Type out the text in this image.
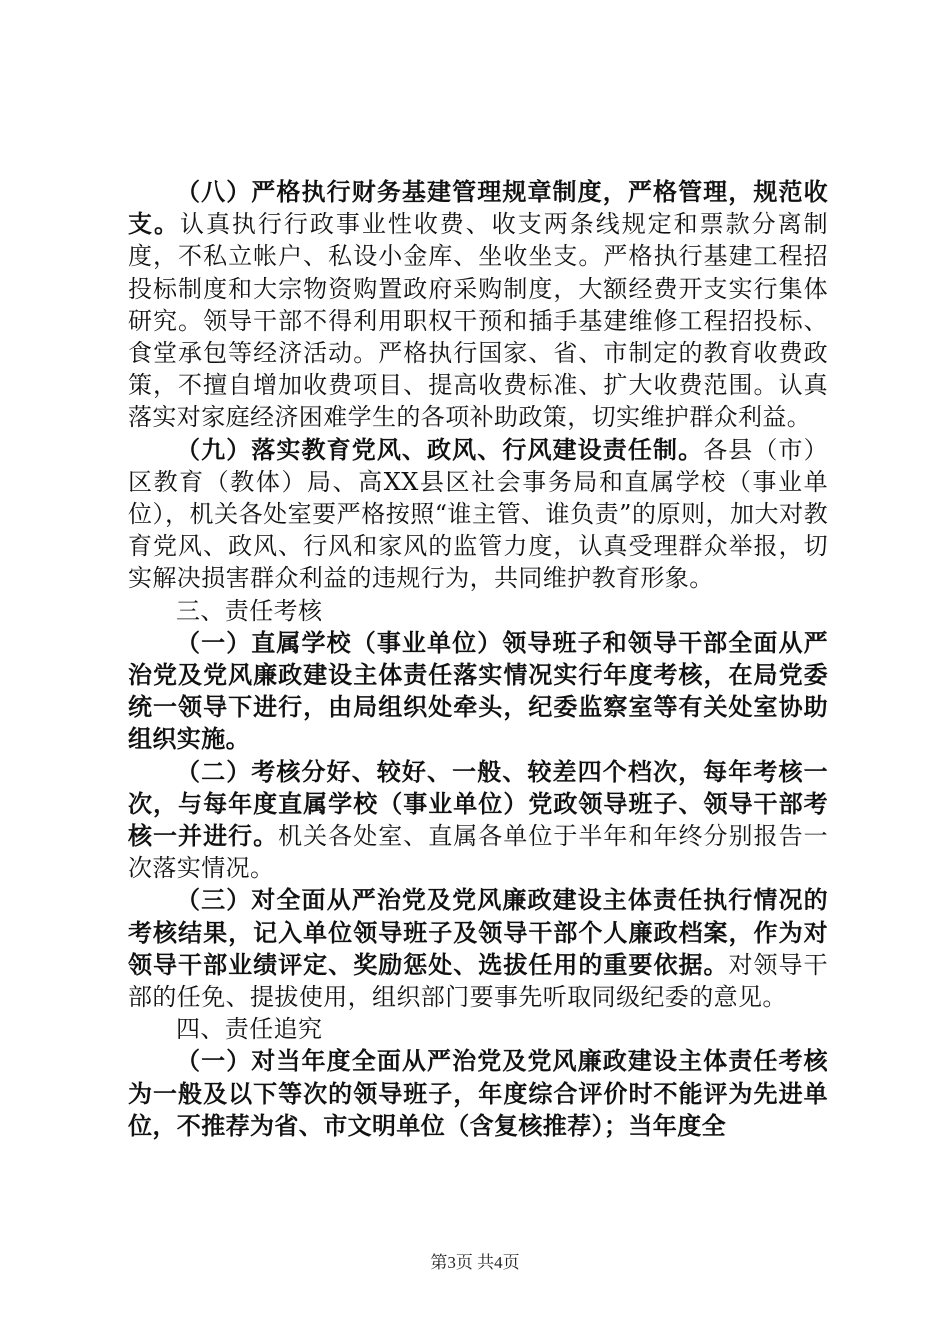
（八）严格执行财务基建管理规章制度，严格管理，规范收支。认真执行行政事业性收费、收支两条线规定和票款分离制度，不私立帐户、私设小金库、坐收坐支。严格执行基建工程招投标制度和大宗物资购置政府采购制度，大额经费开支实行集体研究。领导干部不得利用职权干预和插手基建维修工程招投标、食堂承包等经济活动。严格执行国家、省、市制定的教育收费政策，不擅自增加收费项目、提高收费标准、扩大收费范围。认真落实对家庭经济困难学生的各项补助政策，切实维护群众利益。

（九）落实教育党风、政风、行风建设责任制。各县（市）区教育（教体）局、高XX县区社会事务局和直属学校（事业单位），机关各处室要严格按照“谁主管、谁负责”的原则，加大对教育党风、政风、行风和家风的监管力度，认真受理群众举报，切实解决损害群众利益的违规行为，共同维护教育形象。

三、责任考核

（一）直属学校（事业单位）领导班子和领导干部全面从严治党及党风廉政建设主体责任落实情况实行年度考核，在局党委统一领导下进行，由局组织处牵头，纪委监察室等有关处室协助组织实施。

（二）考核分好、较好、一般、较差四个档次，每年考核一次，与每年度直属学校（事业单位）党政领导班子、领导干部考核一并进行。机关各处室、直属各单位于半年和年终分别报告一次落实情况。

（三）对全面从严治党及党风廉政建设主体责任执行情况的考核结果，记入单位领导班子及领导干部个人廉政档案，作为对领导干部业绩评定、奖励惩处、选拔任用的重要依据。对领导干部的任免、提拔使用，组织部门要事先听取同级纪委的意见。

四、责任追究

（一）对当年度全面从严治党及党风廉政建设主体责任考核为一般及以下等次的领导班子，年度综合评价时不能评为先进单位，不推荐为省、市文明单位（含复核推荐）；当年度全

第3页 共4页
